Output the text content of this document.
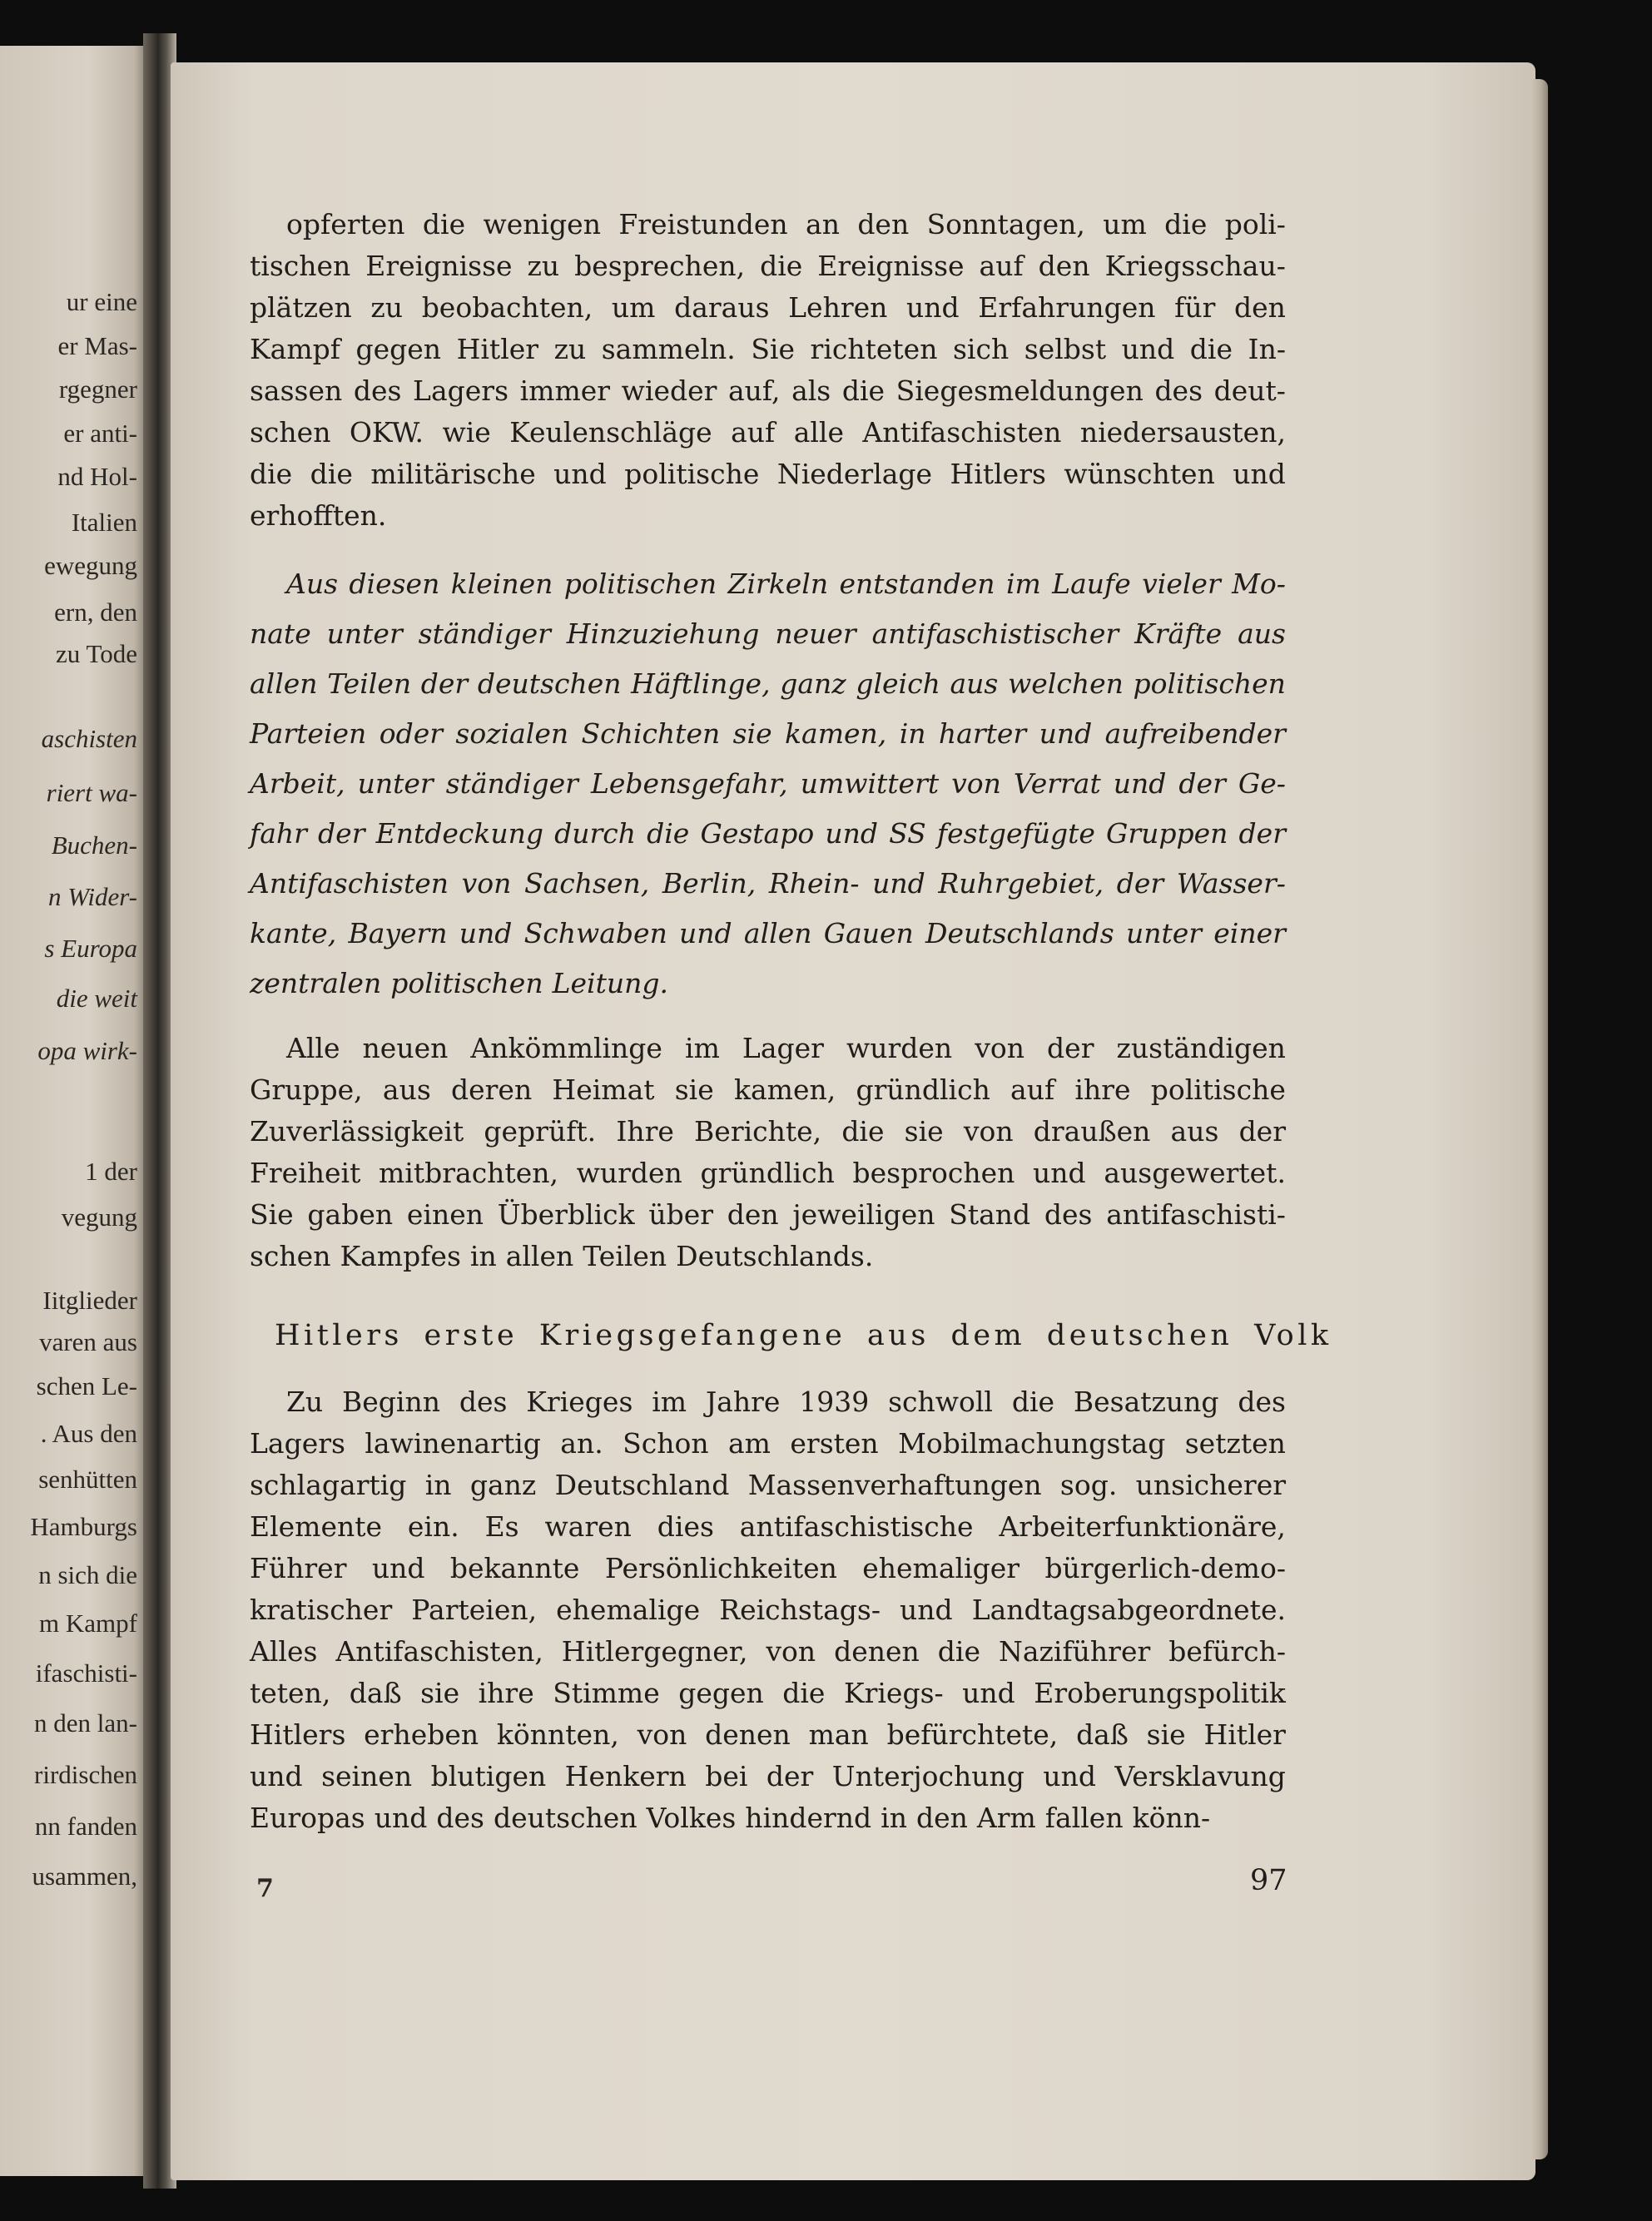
ur eine
er Mas-
rgegner
er anti-
nd Hol-
Italien
ewegung
ern, den
zu Tode
aschisten
riert wa-
Buchen-
n Wider-
s Europa
die weit
opa wirk-
1 der
vegung
Iitglieder
varen aus
schen Le-
. Aus den
senhütten
Hamburgs
n sich die
m Kampf
ifaschisti-
n den lan-
rirdischen
nn fanden
usammen,
opferten die wenigen Freistunden an den Sonntagen, um die poli-
tischen Ereignisse zu besprechen, die Ereignisse auf den Kriegsschau-
plätzen zu beobachten, um daraus Lehren und Erfahrungen für den
Kampf gegen Hitler zu sammeln. Sie richteten sich selbst und die In-
sassen des Lagers immer wieder auf, als die Siegesmeldungen des deut-
schen OKW. wie Keulenschläge auf alle Antifaschisten niedersausten,
die die militärische und politische Niederlage Hitlers wünschten und
erhofften.
Aus diesen kleinen politischen Zirkeln entstanden im Laufe vieler Mo-
nate unter ständiger Hinzuziehung neuer antifaschistischer Kräfte aus
allen Teilen der deutschen Häftlinge, ganz gleich aus welchen politischen
Parteien oder sozialen Schichten sie kamen, in harter und aufreibender
Arbeit, unter ständiger Lebensgefahr, umwittert von Verrat und der Ge-
fahr der Entdeckung durch die Gestapo und SS festgefügte Gruppen der
Antifaschisten von Sachsen, Berlin, Rhein- und Ruhrgebiet, der Wasser-
kante, Bayern und Schwaben und allen Gauen Deutschlands unter einer
zentralen politischen Leitung.
Alle neuen Ankömmlinge im Lager wurden von der zuständigen
Gruppe, aus deren Heimat sie kamen, gründlich auf ihre politische
Zuverlässigkeit geprüft. Ihre Berichte, die sie von draußen aus der
Freiheit mitbrachten, wurden gründlich besprochen und ausgewertet.
Sie gaben einen Überblick über den jeweiligen Stand des antifaschisti-
schen Kampfes in allen Teilen Deutschlands.
Hitlers erste Kriegsgefangene aus dem deutschen Volk
Zu Beginn des Krieges im Jahre 1939 schwoll die Besatzung des
Lagers lawinenartig an. Schon am ersten Mobilmachungstag setzten
schlagartig in ganz Deutschland Massenverhaftungen sog. unsicherer
Elemente ein. Es waren dies antifaschistische Arbeiterfunktionäre,
Führer und bekannte Persönlichkeiten ehemaliger bürgerlich-demo-
kratischer Parteien, ehemalige Reichstags- und Landtagsabgeordnete.
Alles Antifaschisten, Hitlergegner, von denen die Naziführer befürch-
teten, daß sie ihre Stimme gegen die Kriegs- und Eroberungspolitik
Hitlers erheben könnten, von denen man befürchtete, daß sie Hitler
und seinen blutigen Henkern bei der Unterjochung und Versklavung
Europas und des deutschen Volkes hindernd in den Arm fallen könn-
7	97
